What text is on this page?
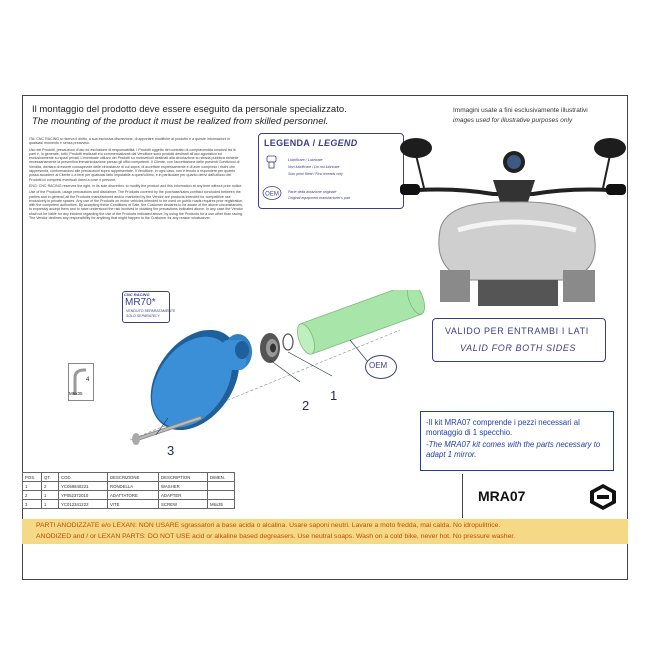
Il montaggio del prodotto deve essere eseguito da personale specializzato.
The mounting of the product it must be realized from skilled personnel.
Immagini usate a fini esclusivamente illustrativi
images used for illustrative purposes only

ITA: CNC RACING si riserva il diritto, a sua esclusiva discrezione, di apportare modifiche al prodotto e a queste informazioni in qualsiasi momento e senza preavviso.

Uso dei Prodotti, precauzioni d'uso ed esclusione di responsabilità. I Prodotti oggetto del contratto di compravendita conclusi tra le parti e, in generale, tutti i Prodotti realizzati e/o commercializzati dal Venditore sono prodotti destinati all'uso agonistico ed esclusivamente su spazi privati. L'eventuale utilizzo dei Prodotti su motoveicoli destinati alla circolazione su strada pubblica richiede necessariamente la preventiva immatricolazione presso gli uffici competenti. Il Cliente, con l'accettazione delle presenti Condizioni di Vendita, dichiara di essere consapevole delle circostanze di cui sopra, di accettare espressamente e di aver compreso i rischi che rappresenta, conformandosi alle precauzioni sopra rappresentate. Il Venditore, in ogni caso, non è tenuto a rispondere per quanto possa accadere al Cliente o a terzi per qualsiasi fatto imputabile a quest'ultimo, e in particolare per quanto derivi dall'utilizzo dei Prodotti ivi compresi eventuali danni a cose o persone.

ENG: CNC RACING reserves the right, in its sole discretion, to modify the product and this information at any time without prior notice.

Use of the Products, usage precautions and disclaimer. The Products covered by the purchase/sales contract concluded between the parties and in general, all the Products manufactured and/or marketed by the Vendor are products intended for competitive use exclusively in private spaces. Any use of the Products on motor vehicles intended to be used on public roads requires prior registration with the competent authorities. By accepting these Conditions of Sale, the Customer declares to be aware of the above circumstances, to expressly accept them and to have understood the risk involved in violating the precautions indicated above. In any case the Vendor shall not be liable for any incident regarding the use of the Products indicated above, by using the Products for a use other than racing. The Vendor declines any responsibility for anything that might happen to the Customer for any reason whatsoever.

LEGENDA / LEGEND
OEM
Lubrificare / Lubricate
Non lubrificare / Do not lubricate
Solo primi filetti / First threads only
Parte della dotazione originale
Original equipment manufacturer's part
CNC RACING
MR70*
VENDUTO SEPARATAMENTE
SOLD SEPARATELY
4
M6x35	1
2
3
OEM
VALIDO PER ENTRAMBI I LATI
VALID FOR BOTH SIDES
-Il kit MRA07 comprende i pezzi necessari al montaggio di 1 specchio.
-The MRA07 kit comes with the parts necessary to adapt 1 mirror.
POS.	QT.	COD.	DESCRIZIONE	DESCRIPTION	DIMEN.
1	2	YC059840221	RONDELLA	WASHER	
2	1	YP052372010	ADATTATORE	ADAPTER	
3	1	YC012341222	VITE	SCREW	M6x35	MRA07
PARTI ANODIZZATE e/o LEXAN: NON USARE sgrassatori a base acida o alcalina. Usare saponi neutri. Lavare a moto fredda, mai calda. No idropulitrice.
ANODIZED and / or LEXAN PARTS: DO NOT USE acid or alkaline based degreasers. Use neutral soaps. Wash on a cold bike, never hot. No pressure washer.
